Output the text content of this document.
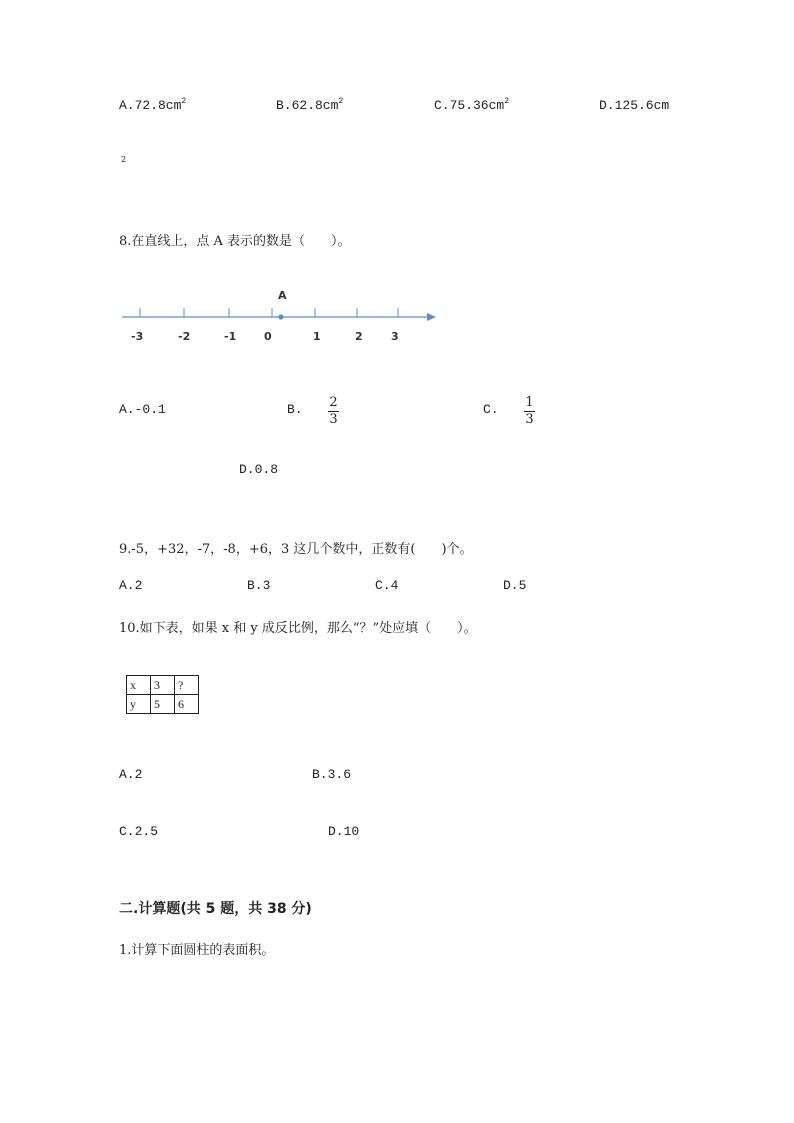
$A.72.8cm^2$	$B.62.8cm^2$	$C.75.36cm^2$	D.125.6cm
2
8.在直线上，点 A 表示的数是（　　）。
A
-3	-2	-1	0	1	2	3
A.-0.1	B. 2
3
C. 1
3
D.0.8
9.-5，+32，-7，-8，+6，3 这几个数中，正数有(　　)个。
A.2	B.3	C.4	D.5
10.如下表，如果 x 和 y 成反比例，那么“？”处应填（　　）。
x	3	?
y	5	6
A.2	B.3.6
C.2.5	D.10
二.计算题(共 5 题，共 38 分)
1.计算下面圆柱的表面积。
